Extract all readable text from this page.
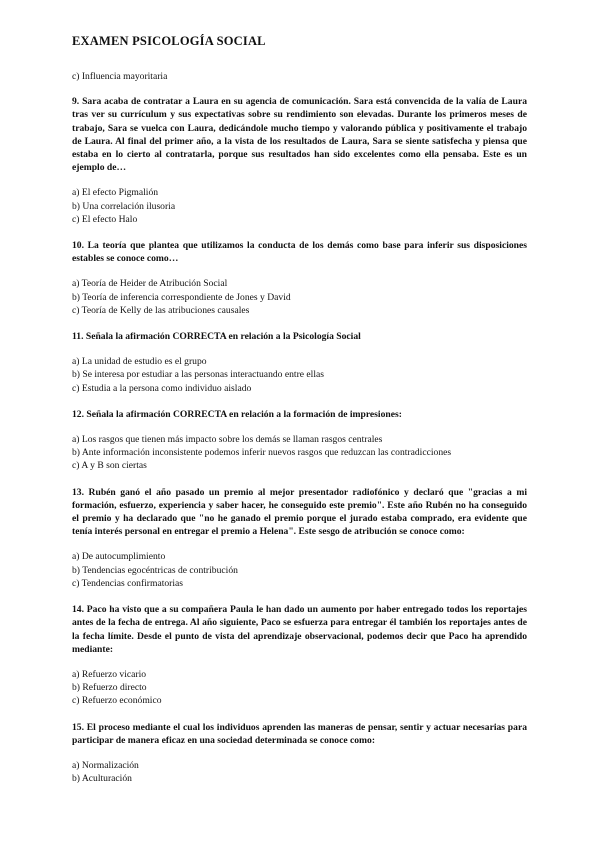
EXAMEN PSICOLOGÍA SOCIAL

c) Influencia mayoritaria

9. Sara acaba de contratar a Laura en su agencia de comunicación. Sara está convencida de la valía de Laura tras ver su currículum y sus expectativas sobre su rendimiento son elevadas. Durante los primeros meses de trabajo, Sara se vuelca con Laura, dedicándole mucho tiempo y valorando pública y positivamente el trabajo de Laura. Al final del primer año, a la vista de los resultados de Laura, Sara se siente satisfecha y piensa que estaba en lo cierto al contratarla, porque sus resultados han sido excelentes como ella pensaba. Este es un ejemplo de…

a) El efecto Pigmalión

b) Una correlación ilusoria

c) El efecto Halo

10. La teoría que plantea que utilizamos la conducta de los demás como base para inferir sus disposiciones estables se conoce como…

a) Teoría de Heider de Atribución Social

b) Teoría de inferencia correspondiente de Jones y David

c) Teoría de Kelly de las atribuciones causales

11. Señala la afirmación CORRECTA en relación a la Psicología Social

a) La unidad de estudio es el grupo

b) Se interesa por estudiar a las personas interactuando entre ellas

c) Estudia a la persona como individuo aislado

12. Señala la afirmación CORRECTA en relación a la formación de impresiones:

a) Los rasgos que tienen más impacto sobre los demás se llaman rasgos centrales

b) Ante información inconsistente podemos inferir nuevos rasgos que reduzcan las contradicciones

c) A y B son ciertas

13. Rubén ganó el año pasado un premio al mejor presentador radiofónico y declaró que "gracias a mi formación, esfuerzo, experiencia y saber hacer, he conseguido este premio". Este año Rubén no ha conseguido el premio y ha declarado que "no he ganado el premio porque el jurado estaba comprado, era evidente que tenía interés personal en entregar el premio a Helena". Este sesgo de atribución se conoce como:

a) De autocumplimiento

b) Tendencias egocéntricas de contribución

c) Tendencias confirmatorias

14. Paco ha visto que a su compañera Paula le han dado un aumento por haber entregado todos los reportajes antes de la fecha de entrega. Al año siguiente, Paco se esfuerza para entregar él también los reportajes antes de la fecha límite. Desde el punto de vista del aprendizaje observacional, podemos decir que Paco ha aprendido mediante:

a) Refuerzo vicario

b) Refuerzo directo

c) Refuerzo económico

15. El proceso mediante el cual los individuos aprenden las maneras de pensar, sentir y actuar necesarias para participar de manera eficaz en una sociedad determinada se conoce como:

a) Normalización

b) Aculturación
